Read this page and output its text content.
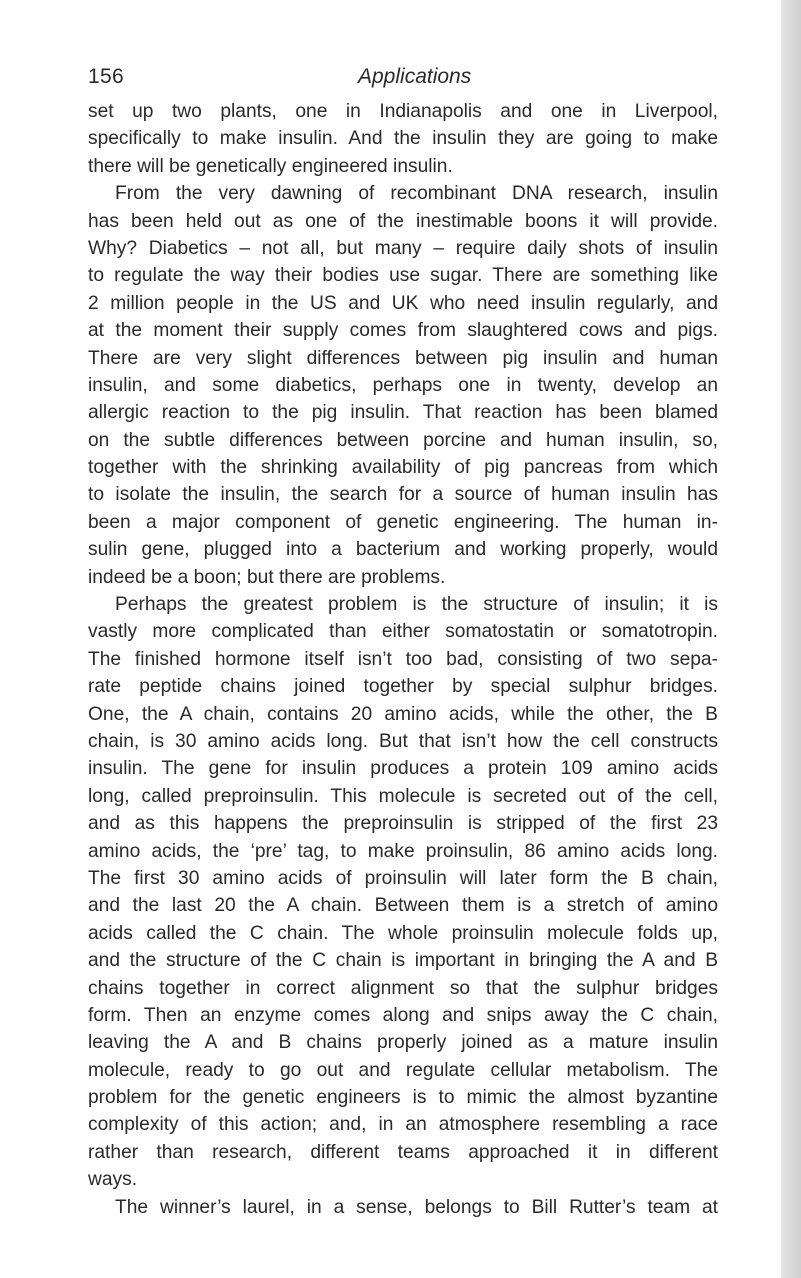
156	Applications
set up two plants, one in Indianapolis and one in Liverpool,
specifically to make insulin. And the insulin they are going to make
there will be genetically engineered insulin.
From the very dawning of recombinant DNA research, insulin
has been held out as one of the inestimable boons it will provide.
Why? Diabetics – not all, but many – require daily shots of insulin
to regulate the way their bodies use sugar. There are something like
2 million people in the US and UK who need insulin regularly, and
at the moment their supply comes from slaughtered cows and pigs.
There are very slight differences between pig insulin and human
insulin, and some diabetics, perhaps one in twenty, develop an
allergic reaction to the pig insulin. That reaction has been blamed
on the subtle differences between porcine and human insulin, so,
together with the shrinking availability of pig pancreas from which
to isolate the insulin, the search for a source of human insulin has
been a major component of genetic engineering. The human in-
sulin gene, plugged into a bacterium and working properly, would
indeed be a boon; but there are problems.
Perhaps the greatest problem is the structure of insulin; it is
vastly more complicated than either somatostatin or somatotropin.
The finished hormone itself isn’t too bad, consisting of two sepa-
rate peptide chains joined together by special sulphur bridges.
One, the A chain, contains 20 amino acids, while the other, the B
chain, is 30 amino acids long. But that isn’t how the cell constructs
insulin. The gene for insulin produces a protein 109 amino acids
long, called preproinsulin. This molecule is secreted out of the cell,
and as this happens the preproinsulin is stripped of the first 23
amino acids, the ‘pre’ tag, to make proinsulin, 86 amino acids long.
The first 30 amino acids of proinsulin will later form the B chain,
and the last 20 the A chain. Between them is a stretch of amino
acids called the C chain. The whole proinsulin molecule folds up,
and the structure of the C chain is important in bringing the A and B
chains together in correct alignment so that the sulphur bridges
form. Then an enzyme comes along and snips away the C chain,
leaving the A and B chains properly joined as a mature insulin
molecule, ready to go out and regulate cellular metabolism. The
problem for the genetic engineers is to mimic the almost byzantine
complexity of this action; and, in an atmosphere resembling a race
rather than research, different teams approached it in different
ways.
The winner’s laurel, in a sense, belongs to Bill Rutter’s team at
